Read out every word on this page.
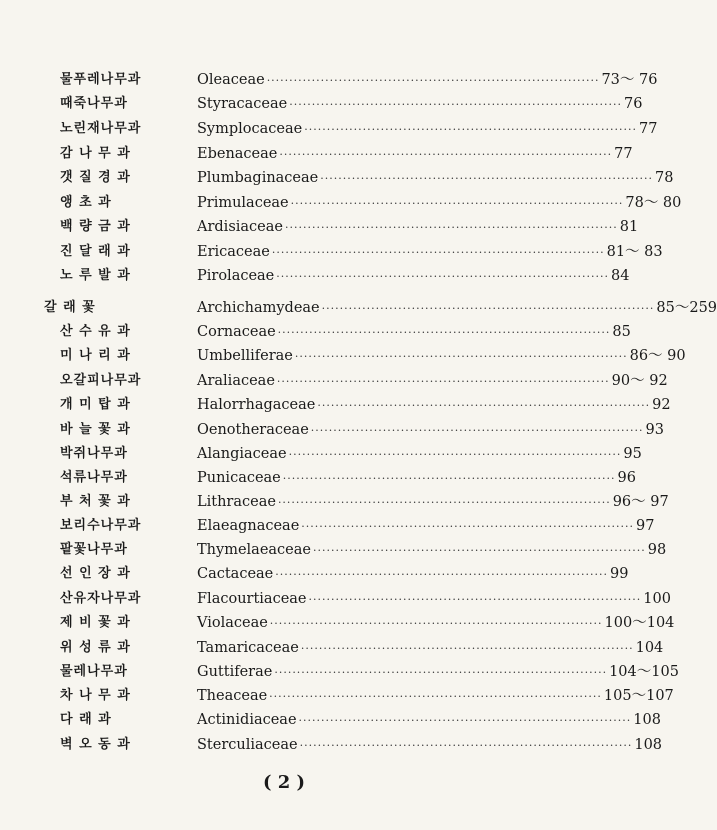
물푸레나무과	Oleaceae ·········································································· 73～ 76
때죽나무과	Styracaceae ·········································································· 76
노린재나무과	Symplocaceae ·········································································· 77
감 나 무 과	Ebenaceae ·········································································· 77
갯 질 경 과	Plumbaginaceae ·········································································· 78
앵 초 과	Primulaceae ·········································································· 78～ 80
백 량 금 과	Ardisiaceae ·········································································· 81
진 달 래 과	Ericaceae ·········································································· 81～ 83
노 루 발 과	Pirolaceae ·········································································· 84
갈 래 꽃	Archichamydeae ·········································································· 85～259
산 수 유 과	Cornaceae ·········································································· 85
미 나 리 과	Umbelliferae ·········································································· 86～ 90
오갈피나무과	Araliaceae ·········································································· 90～ 92
개 미 탑 과	Halorrhagaceae ·········································································· 92
바 늘 꽃 과	Oenotheraceae ·········································································· 93
박쥐나무과	Alangiaceae ·········································································· 95
석류나무과	Punicaceae ·········································································· 96
부 처 꽃 과	Lithraceae ·········································································· 96～ 97
보리수나무과	Elaeagnaceae ·········································································· 97
팥꽃나무과	Thymelaeaceae ·········································································· 98
선 인 장 과	Cactaceae ·········································································· 99
산유자나무과	Flacourtiaceae ·········································································· 100
제 비 꽃 과	Violaceae ·········································································· 100～104
위 성 류 과	Tamaricaceae ·········································································· 104
물레나무과	Guttiferae ·········································································· 104～105
차 나 무 과	Theaceae ·········································································· 105～107
다 래 과	Actinidiaceae ·········································································· 108
벽 오 동 과	Sterculiaceae ·········································································· 108
( 2 )
